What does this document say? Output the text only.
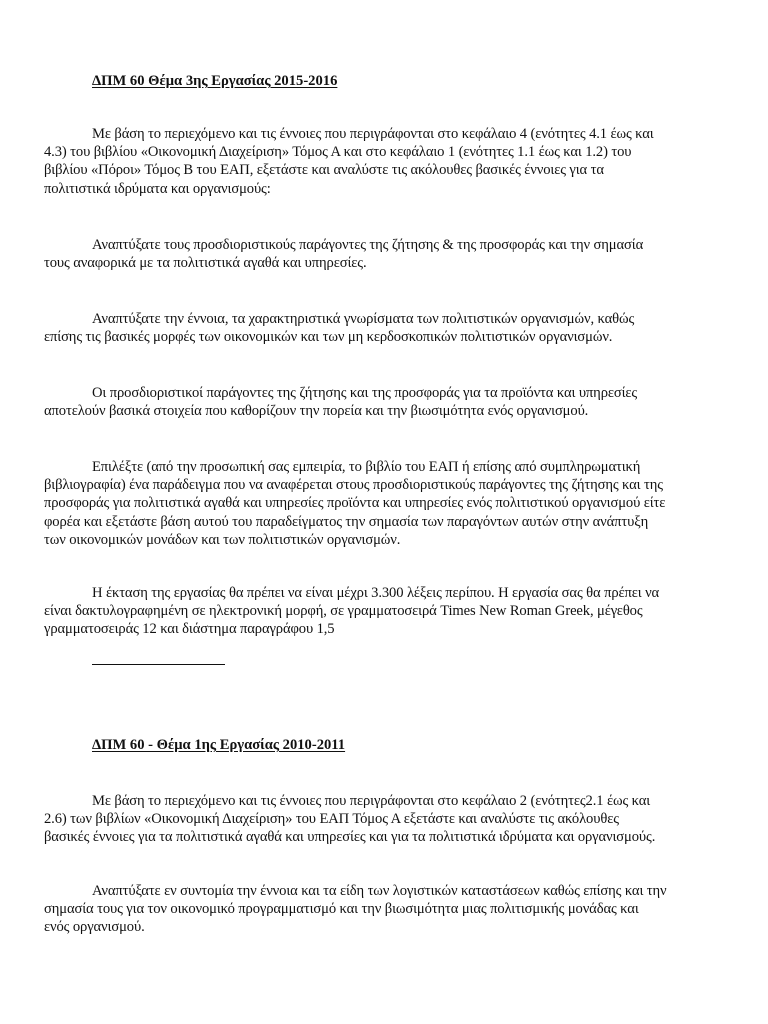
ΔΠΜ 60 Θέμα 3ης Εργασίας 2015-2016
Με βάση το περιεχόμενο και τις έννοιες που περιγράφονται στο κεφάλαιο 4 (ενότητες 4.1 έως και
4.3) του βιβλίου «Οικονομική Διαχείριση» Τόμος Α και στο κεφάλαιο 1 (ενότητες 1.1 έως και 1.2) του
βιβλίου «Πόροι» Τόμος Β του ΕΑΠ, εξετάστε και αναλύστε τις ακόλουθες βασικές έννοιες για τα
πολιτιστικά ιδρύματα και οργανισμούς:
Αναπτύξατε τους προσδιοριστικούς παράγοντες της ζήτησης & της προσφοράς και την σημασία
τους αναφορικά με τα πολιτιστικά αγαθά και υπηρεσίες.
Αναπτύξατε την έννοια, τα χαρακτηριστικά γνωρίσματα των πολιτιστικών οργανισμών, καθώς
επίσης τις βασικές μορφές των οικονομικών και των μη κερδοσκοπικών πολιτιστικών οργανισμών.
Οι προσδιοριστικοί παράγοντες της ζήτησης και της προσφοράς για τα προϊόντα και υπηρεσίες
αποτελούν βασικά στοιχεία που καθορίζουν την πορεία και την βιωσιμότητα ενός οργανισμού.
Επιλέξτε (από την προσωπική σας εμπειρία, το βιβλίο του ΕΑΠ ή επίσης από συμπληρωματική
βιβλιογραφία) ένα παράδειγμα που να αναφέρεται στους προσδιοριστικούς παράγοντες της ζήτησης και της
προσφοράς για πολιτιστικά αγαθά και υπηρεσίες προϊόντα και υπηρεσίες ενός πολιτιστικού οργανισμού είτε
φορέα και εξετάστε βάση αυτού του παραδείγματος την σημασία των παραγόντων αυτών στην ανάπτυξη
των οικονομικών μονάδων και των πολιτιστικών οργανισμών.
Η έκταση της εργασίας θα πρέπει να είναι μέχρι 3.300 λέξεις περίπου. Η εργασία σας θα πρέπει να
είναι δακτυλογραφημένη σε ηλεκτρονική μορφή, σε γραμματοσειρά Times New Roman Greek, μέγεθος
γραμματοσειράς 12 και διάστημα παραγράφου 1,5
ΔΠΜ 60 - Θέμα 1ης Εργασίας 2010-2011
Με βάση το περιεχόμενο και τις έννοιες που περιγράφονται στο κεφάλαιο 2 (ενότητες2.1 έως και
2.6) των βιβλίων «Οικονομική Διαχείριση» του ΕΑΠ Τόμος Α εξετάστε και αναλύστε τις ακόλουθες
βασικές έννοιες για τα πολιτιστικά αγαθά και υπηρεσίες και για τα πολιτιστικά ιδρύματα και οργανισμούς.
Αναπτύξατε εν συντομία την έννοια και τα είδη των λογιστικών καταστάσεων καθώς επίσης και την
σημασία τους για τον οικονομικό προγραμματισμό και την βιωσιμότητα μιας πολιτισμικής μονάδας και
ενός οργανισμού.
